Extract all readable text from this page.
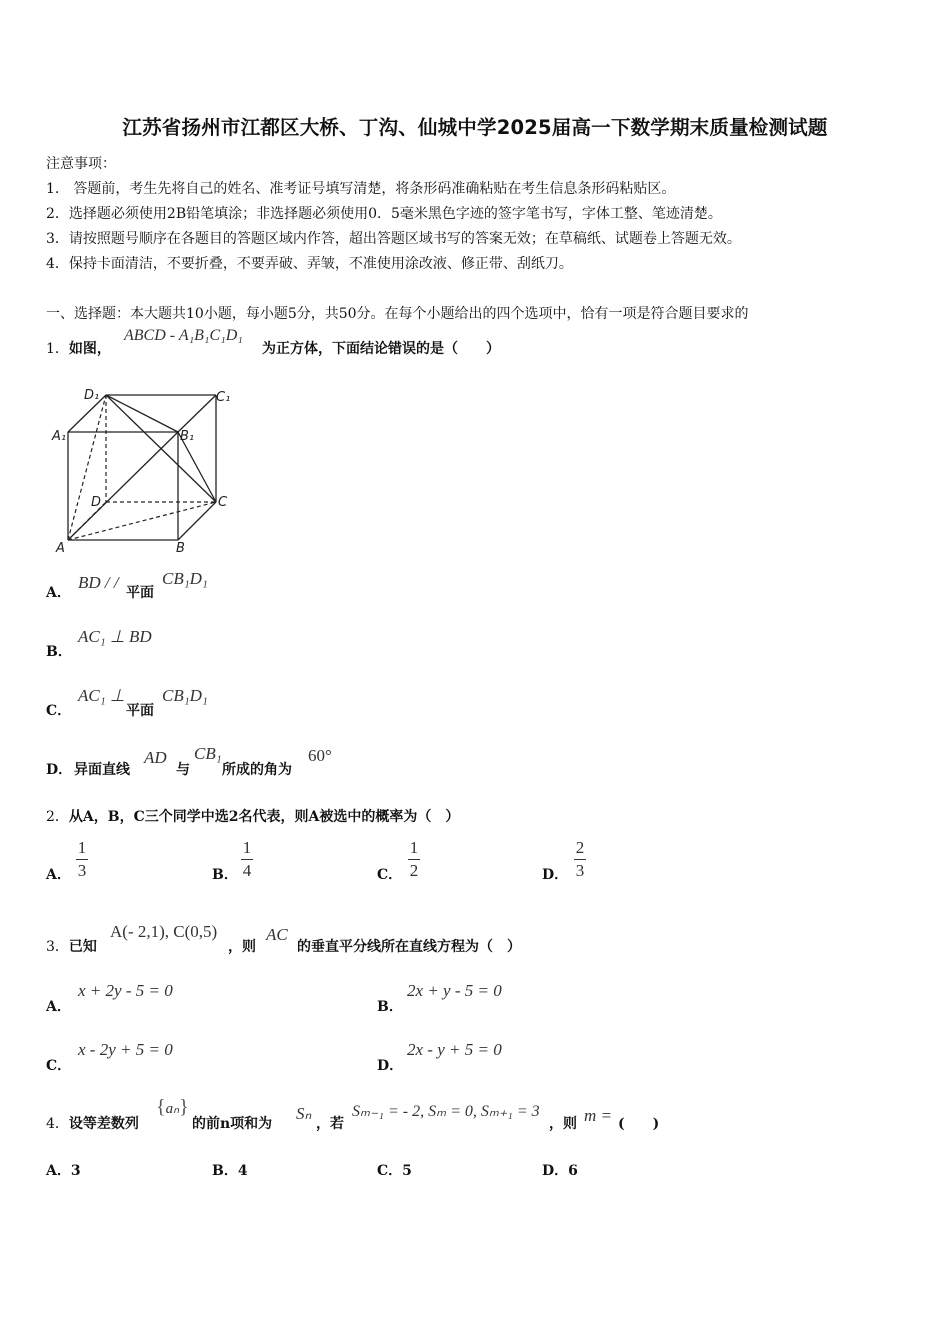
江苏省扬州市江都区大桥、丁沟、仙城中学2025届高一下数学期末质量检测试题
注意事项：
1.　答题前，考生先将自己的姓名、准考证号填写清楚，将条形码准确粘贴在考生信息条形码粘贴区。
2．选择题必须使用2B铅笔填涂；非选择题必须使用0．5毫米黑色字迹的签字笔书写，字体工整、笔迹清楚。
3．请按照题号顺序在各题目的答题区域内作答，超出答题区域书写的答案无效；在草稿纸、试题卷上答题无效。
4．保持卡面清洁，不要折叠，不要弄破、弄皱，不准使用涂改液、修正带、刮纸刀。
一、选择题：本大题共10小题，每小题5分，共50分。在每个小题给出的四个选项中，恰有一项是符合题目要求的
1．如图，
ABCD - A₁B₁C₁D₁
为正方体，下面结论错误的是（　　）
D₁	C₁
A₁	B₁
D	C
A	B
A．
BD / /
平面
CB₁D₁
B．
AC₁ ⊥ BD
C．
AC₁ ⊥
平面
CB₁D₁
D． 异面直线
AD
与
CB₁
所成的角为
60°
2．从A，B，C三个同学中选2名代表，则A被选中的概率为（　）
A．
1
3	B．
1
4	C．
1
2	D．
2
3
3．已知
A(- 2,1), C(0,5)
，则
AC
的垂直平分线所在直线方程为（　）
A．
x + 2y - 5 = 0
B．
2x + y - 5 = 0
C．
x - 2y + 5 = 0
D．
2x - y + 5 = 0
4．设等差数列
{aₙ}
的前n项和为
Sₙ
，若
Sₘ₋₁ = - 2, Sₘ = 0, Sₘ₊₁ = 3
，则 m = (　　)
A．3	B．4	C．5	D．6
